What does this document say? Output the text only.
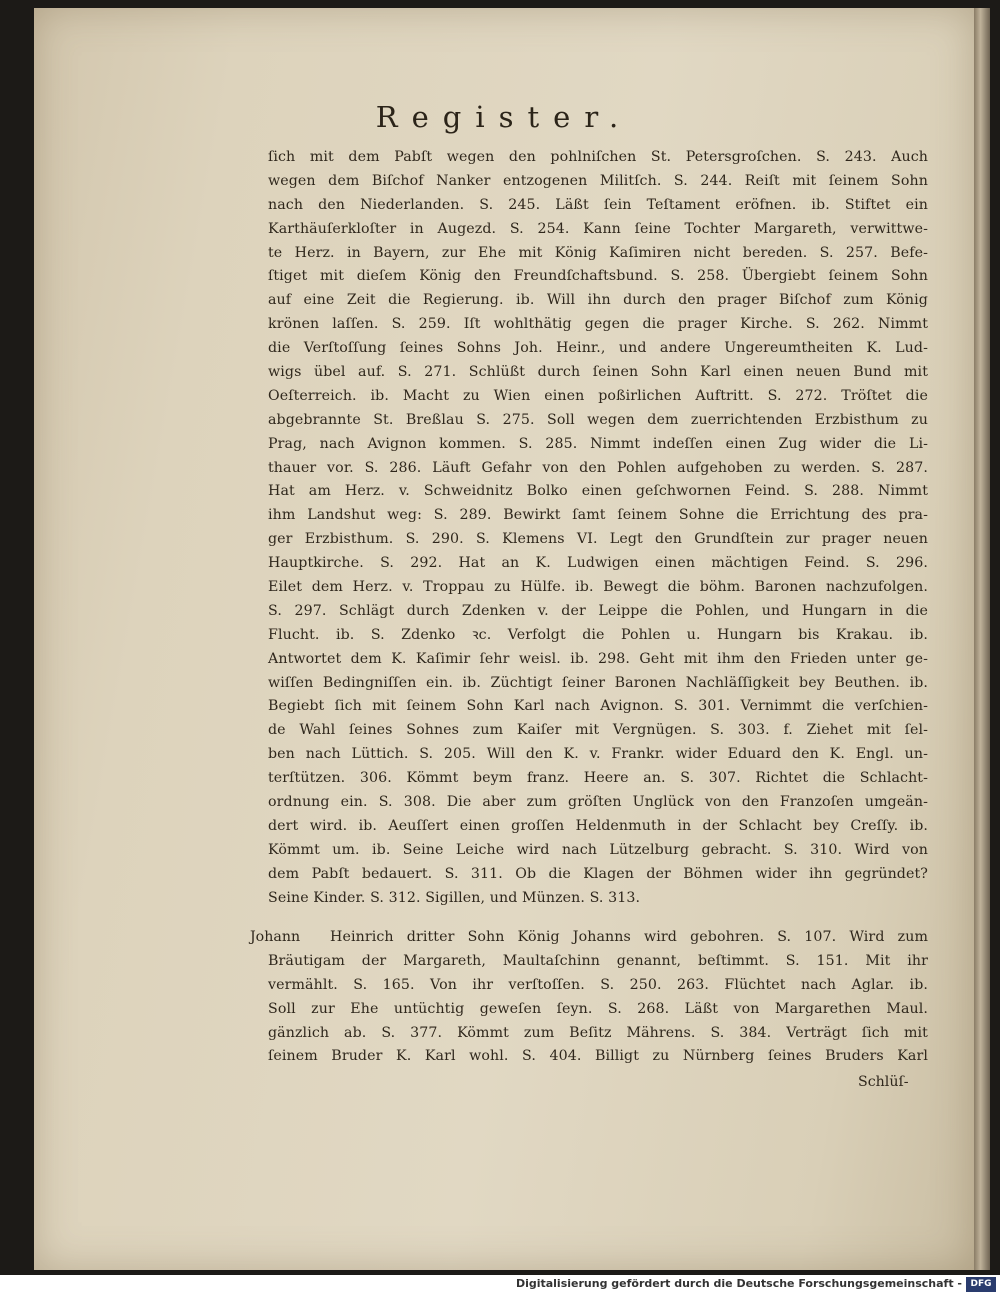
Register.
ſich mit dem Pabſt wegen den pohlniſchen St. Petersgroſchen. S. 243. Auch
wegen dem Biſchof Nanker entzogenen Militſch. S. 244. Reiſt mit ſeinem Sohn
nach den Niederlanden. S. 245. Läßt ſein Teſtament eröfnen. ib. Stiftet ein
Karthäuſerkloſter in Augezd. S. 254. Kann ſeine Tochter Margareth, verwittwe-
te Herz. in Bayern, zur Ehe mit König Kaſimiren nicht bereden. S. 257. Befe-
ſtiget mit dieſem König den Freundſchaftsbund. S. 258. Übergiebt ſeinem Sohn
auf eine Zeit die Regierung. ib. Will ihn durch den prager Biſchof zum König
krönen laſſen. S. 259. Iſt wohlthätig gegen die prager Kirche. S. 262. Nimmt
die Verſtoſſung ſeines Sohns Joh. Heinr., und andere Ungereumtheiten K. Lud-
wigs übel auf. S. 271. Schlüßt durch ſeinen Sohn Karl einen neuen Bund mit
Oeſterreich. ib. Macht zu Wien einen poßirlichen Auftritt. S. 272. Tröſtet die
abgebrannte St. Breßlau S. 275. Soll wegen dem zuerrichtenden Erzbisthum zu
Prag, nach Avignon kommen. S. 285. Nimmt indeſſen einen Zug wider die Li-
thauer vor. S. 286. Läuft Gefahr von den Pohlen aufgehoben zu werden. S. 287.
Hat am Herz. v. Schweidnitz Bolko einen geſchwornen Feind. S. 288. Nimmt
ihm Landshut weg: S. 289. Bewirkt ſamt ſeinem Sohne die Errichtung des pra-
ger Erzbisthum. S. 290. S. Klemens VI. Legt den Grundſtein zur prager neuen
Hauptkirche. S. 292. Hat an K. Ludwigen einen mächtigen Feind. S. 296.
Eilet dem Herz. v. Troppau zu Hülfe. ib. Bewegt die böhm. Baronen nachzufolgen.
S. 297. Schlägt durch Zdenken v. der Leippe die Pohlen, und Hungarn in die
Flucht. ib. S. Zdenko ꝛc. Verfolgt die Pohlen u. Hungarn bis Krakau. ib.
Antwortet dem K. Kaſimir ſehr weisl. ib. 298. Geht mit ihm den Frieden unter ge-
wiſſen Bedingniſſen ein. ib. Züchtigt ſeiner Baronen Nachläſſigkeit bey Beuthen. ib.
Begiebt ſich mit ſeinem Sohn Karl nach Avignon. S. 301. Vernimmt die verſchien-
de Wahl ſeines Sohnes zum Kaiſer mit Vergnügen. S. 303. f. Ziehet mit ſel-
ben nach Lüttich. S. 205. Will den K. v. Frankr. wider Eduard den K. Engl. un-
terſtützen. 306. Kömmt beym franz. Heere an. S. 307. Richtet die Schlacht-
ordnung ein. S. 308. Die aber zum gröſten Unglück von den Franzoſen umgeän-
dert wird. ib. Aeuſſert einen groſſen Heldenmuth in der Schlacht bey Creſſy. ib.
Kömmt um. ib. Seine Leiche wird nach Lützelburg gebracht. S. 310. Wird von
dem Pabſt bedauert. S. 311. Ob die Klagen der Böhmen wider ihn gegründet?
Seine Kinder. S. 312. Sigillen, und Münzen. S. 313.
Johann	Heinrich dritter Sohn König Johanns wird gebohren. S. 107. Wird zum
Bräutigam der Margareth, Maultaſchinn genannt, beſtimmt. S. 151. Mit ihr
vermählt. S. 165. Von ihr verſtoſſen. S. 250. 263. Flüchtet nach Aglar. ib.
Soll zur Ehe untüchtig geweſen ſeyn. S. 268. Läßt von Margarethen Maul.
gänzlich ab. S. 377. Kömmt zum Beſitz Mährens. S. 384. Verträgt ſich mit
ſeinem Bruder K. Karl wohl. S. 404. Billigt zu Nürnberg ſeines Bruders Karl
Schlüſ-
Digitalisierung gefördert durch die Deutsche Forschungsgemeinschaft - DFG
